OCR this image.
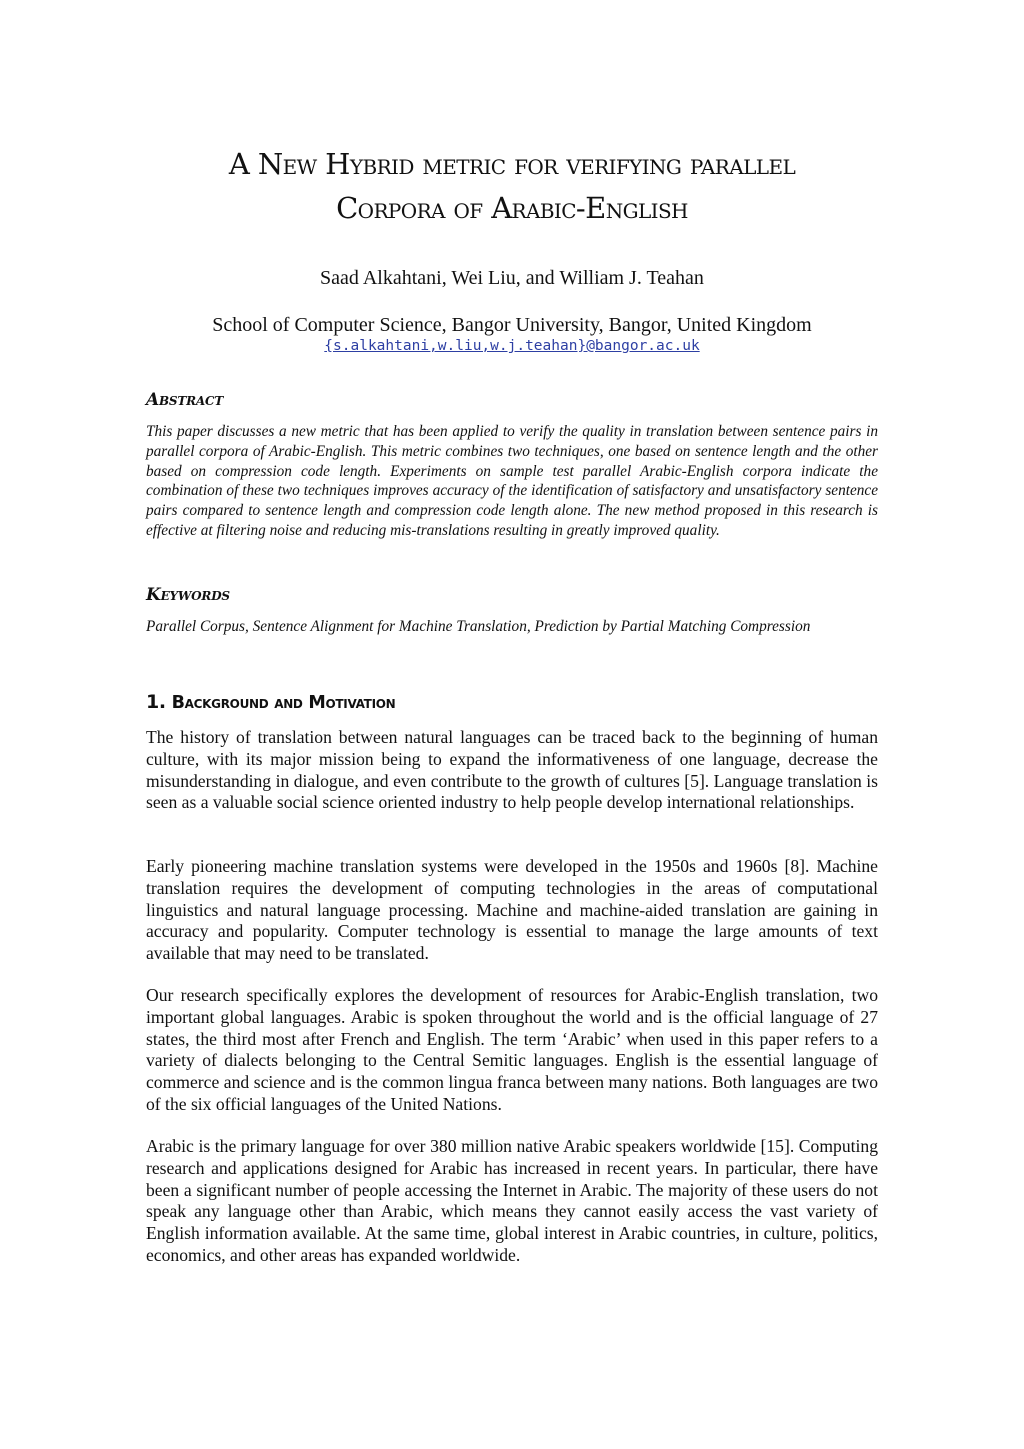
A New Hybrid metric for verifying parallel
Corpora of Arabic-English

Saad Alkahtani, Wei Liu, and William J. Teahan

School of Computer Science, Bangor University, Bangor, United Kingdom

{s.alkahtani,w.liu,w.j.teahan}@bangor.ac.uk

Abstract

This paper discusses a new metric that has been applied to verify the quality in translation between sentence pairs in parallel corpora of Arabic-English. This metric combines two techniques, one based on sentence length and the other based on compression code length. Experiments on sample test parallel Arabic-English corpora indicate the combination of these two techniques improves accuracy of the identification of satisfactory and unsatisfactory sentence pairs compared to sentence length and compression code length alone. The new method proposed in this research is effective at filtering noise and reducing mis-translations resulting in greatly improved quality.

Keywords

Parallel Corpus, Sentence Alignment for Machine Translation, Prediction by Partial Matching Compression

1. Background and Motivation

The history of translation between natural languages can be traced back to the beginning of human culture, with its major mission being to expand the informativeness of one language, decrease the misunderstanding in dialogue, and even contribute to the growth of cultures [5]. Language translation is seen as a valuable social science oriented industry to help people develop international relationships.

Early pioneering machine translation systems were developed in the 1950s and 1960s [8]. Machine translation requires the development of computing technologies in the areas of computational linguistics and natural language processing. Machine and machine-aided translation are gaining in accuracy and popularity. Computer technology is essential to manage the large amounts of text available that may need to be translated.

Our research specifically explores the development of resources for Arabic-English translation, two important global languages. Arabic is spoken throughout the world and is the official language of 27 states, the third most after French and English. The term ‘Arabic’ when used in this paper refers to a variety of dialects belonging to the Central Semitic languages. English is the essential language of commerce and science and is the common lingua franca between many nations. Both languages are two of the six official languages of the United Nations.

Arabic is the primary language for over 380 million native Arabic speakers worldwide [15]. Computing research and applications designed for Arabic has increased in recent years. In particular, there have been a significant number of people accessing the Internet in Arabic. The majority of these users do not speak any language other than Arabic, which means they cannot easily access the vast variety of English information available. At the same time, global interest in Arabic countries, in culture, politics, economics, and other areas has expanded worldwide.
